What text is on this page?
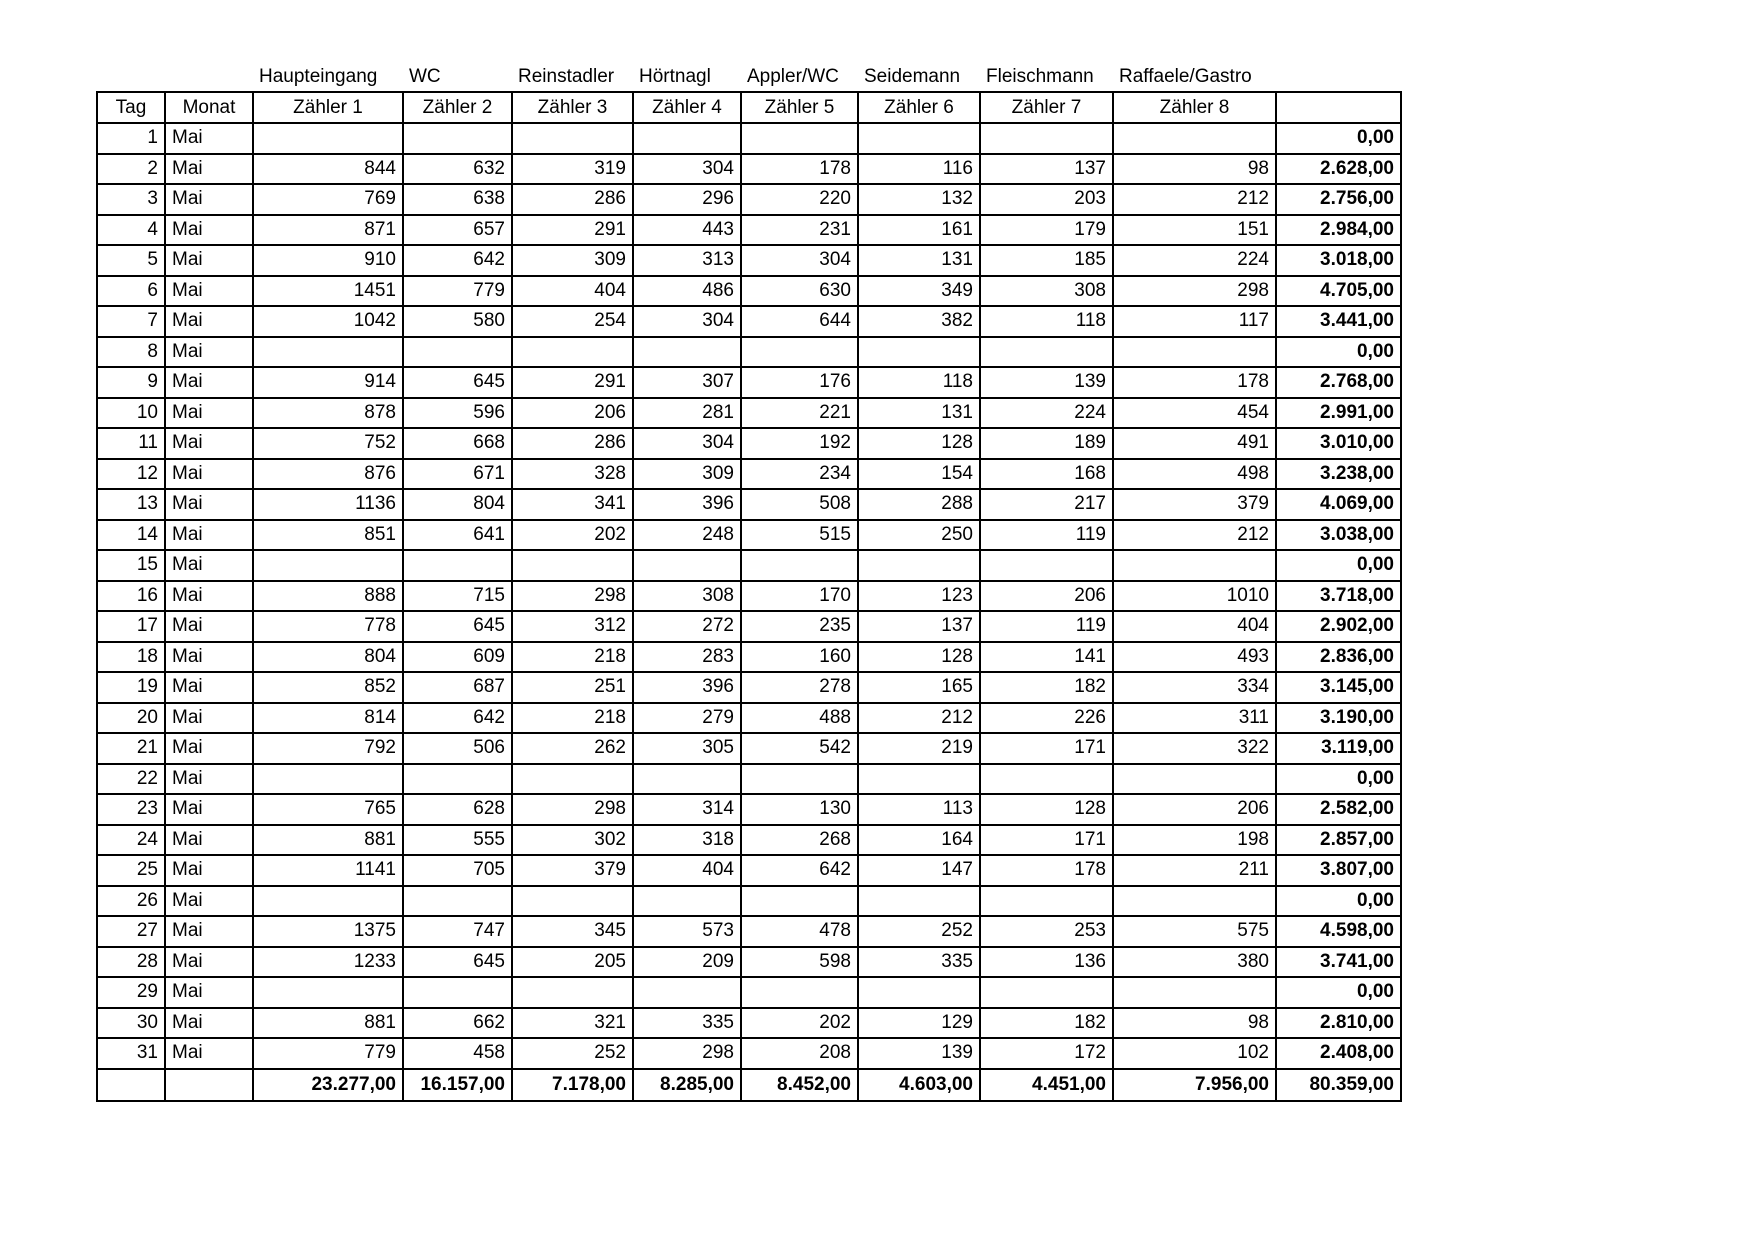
		Haupteingang	WC	Reinstadler	Hörtnagl	Appler/WC	Seidemann	Fleischmann	Raffaele/Gastro	
Tag	Monat	Zähler 1	Zähler 2	Zähler 3	Zähler 4	Zähler 5	Zähler 6	Zähler 7	Zähler 8	
1	Mai									0,00
2	Mai	844	632	319	304	178	116	137	98	2.628,00
3	Mai	769	638	286	296	220	132	203	212	2.756,00
4	Mai	871	657	291	443	231	161	179	151	2.984,00
5	Mai	910	642	309	313	304	131	185	224	3.018,00
6	Mai	1451	779	404	486	630	349	308	298	4.705,00
7	Mai	1042	580	254	304	644	382	118	117	3.441,00
8	Mai									0,00
9	Mai	914	645	291	307	176	118	139	178	2.768,00
10	Mai	878	596	206	281	221	131	224	454	2.991,00
11	Mai	752	668	286	304	192	128	189	491	3.010,00
12	Mai	876	671	328	309	234	154	168	498	3.238,00
13	Mai	1136	804	341	396	508	288	217	379	4.069,00
14	Mai	851	641	202	248	515	250	119	212	3.038,00
15	Mai									0,00
16	Mai	888	715	298	308	170	123	206	1010	3.718,00
17	Mai	778	645	312	272	235	137	119	404	2.902,00
18	Mai	804	609	218	283	160	128	141	493	2.836,00
19	Mai	852	687	251	396	278	165	182	334	3.145,00
20	Mai	814	642	218	279	488	212	226	311	3.190,00
21	Mai	792	506	262	305	542	219	171	322	3.119,00
22	Mai									0,00
23	Mai	765	628	298	314	130	113	128	206	2.582,00
24	Mai	881	555	302	318	268	164	171	198	2.857,00
25	Mai	1141	705	379	404	642	147	178	211	3.807,00
26	Mai									0,00
27	Mai	1375	747	345	573	478	252	253	575	4.598,00
28	Mai	1233	645	205	209	598	335	136	380	3.741,00
29	Mai									0,00
30	Mai	881	662	321	335	202	129	182	98	2.810,00
31	Mai	779	458	252	298	208	139	172	102	2.408,00
		23.277,00	16.157,00	7.178,00	8.285,00	8.452,00	4.603,00	4.451,00	7.956,00	80.359,00
